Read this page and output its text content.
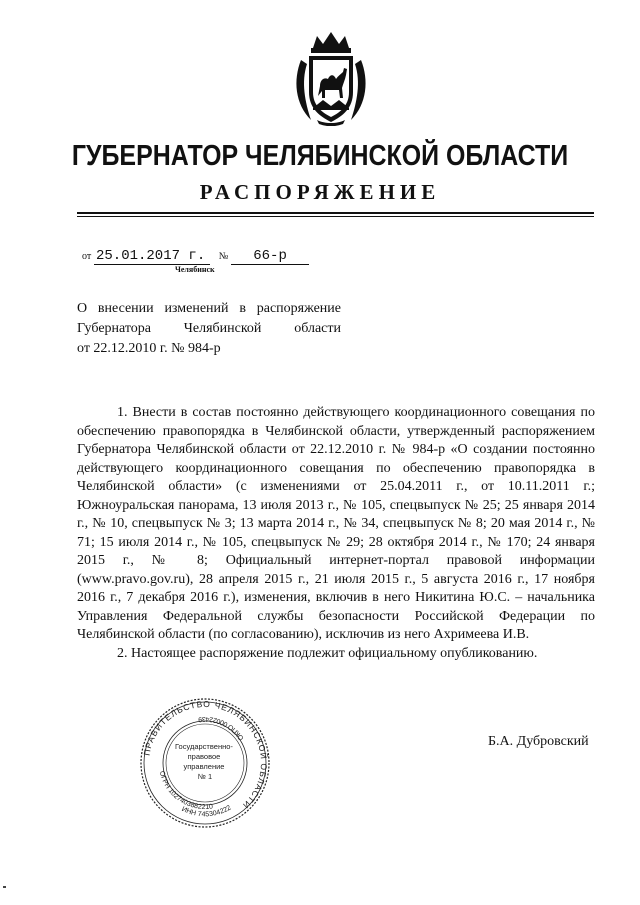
ГУБЕРНАТОР ЧЕЛЯБИНСКОЙ ОБЛАСТИ
РАСПОРЯЖЕНИЕ
от 25.01.2017 г. № 66-р
Челябинск
О внесении изменений в распоряжение
Губернатора Челябинской области
от 22.12.2010 г. № 984-р

1. Внести в состав постоянно действующего координационного совещания по обеспечению правопорядка в Челябинской области, утвержденный распоряжением Губернатора Челябинской области от 22.12.2010 г. № 984-р «О создании постоянно действующего координационного совещания по обеспечению правопорядка в Челябинской области» (с изменениями от 25.04.2011 г., от 10.11.2011 г.; Южноуральская панорама, 13 июля 2013 г., № 105, спецвыпуск № 25; 25 января 2014 г., № 10, спецвыпуск № 3; 13 марта 2014 г., № 34, спецвыпуск № 8; 20 мая 2014 г., № 71; 15 июля 2014 г., № 105, спецвыпуск № 29; 28 октября 2014 г., № 170; 24 января 2015 г., № 8; Официальный интернет-портал правовой информации (www.pravo.gov.ru), 28 апреля 2015 г., 21 июля 2015 г., 5 августа 2016 г., 17 ноября 2016 г., 7 декабря 2016 г.), изменения, включив в него Никитина Ю.С. – начальника Управления Федеральной службы безопасности Российской Федерации по Челябинской области (по согласованию), исключив из него Ахримеева И.В.

2. Настоящее распоряжение подлежит официальному опубликованию.

ПРАВИТЕЛЬСТВО ЧЕЛЯБИНСКОЙ ОБЛАСТИ
ОГРН 1027403882210
ОКПО 00022439
ИНН 745304222
Государственно- правовое управление № 1
Б.А. Дубровский
